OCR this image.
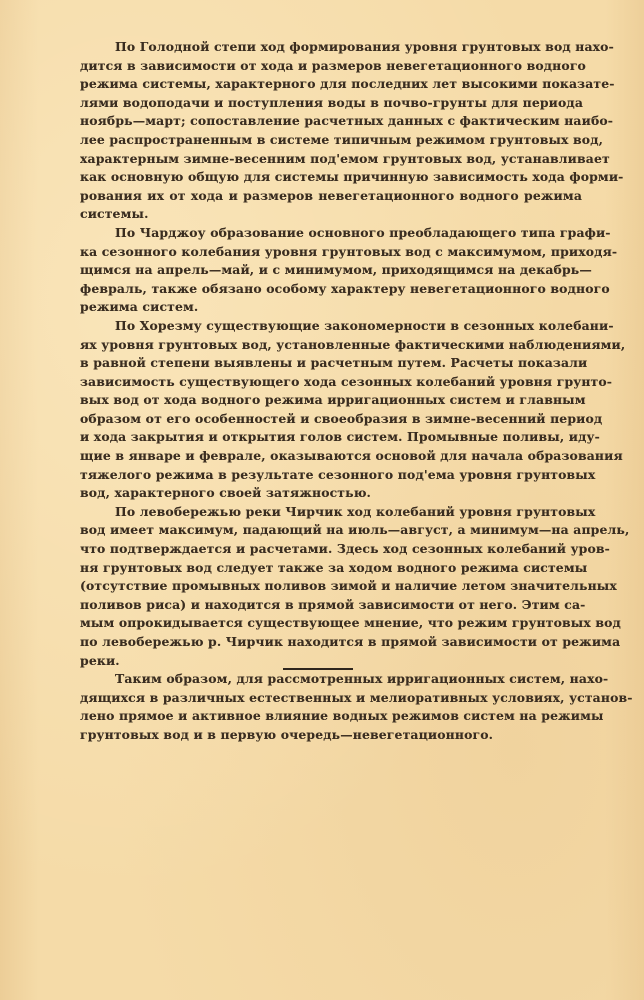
По Голодной степи ход формирования уровня грунтовых вод нахо-
дится в зависимости от хода и размеров невегетационного водного
режима системы, характерного для последних лет высокими показате-
лями водоподачи и поступления воды в почво-грунты для периода
ноябрь—март; сопоставление расчетных данных с фактическим наибо-
лее распространенным в системе типичным режимом грунтовых вод,
характерным зимне-весенним под'емом грунтовых вод, устанавливает
как основную общую для системы причинную зависимость хода форми-
рования их от хода и размеров невегетационного водного режима
системы.
По Чарджоу образование основного преобладающего типа графи-
ка сезонного колебания уровня грунтовых вод с максимумом, приходя-
щимся на апрель—май, и с минимумом, приходящимся на декабрь—
февраль, также обязано особому характеру невегетационного водного
режима систем.
По Хорезму существующие закономерности в сезонных колебани-
ях уровня грунтовых вод, установленные фактическими наблюдениями,
в равной степени выявлены и расчетным путем. Расчеты показали
зависимость существующего хода сезонных колебаний уровня грунто-
вых вод от хода водного режима ирригационных систем и главным
образом от его особенностей и своеобразия в зимне-весенний период
и хода закрытия и открытия голов систем. Промывные поливы, иду-
щие в январе и феврале, оказываются основой для начала образования
тяжелого режима в результате сезонного под'ема уровня грунтовых
вод, характерного своей затяжностью.
По левобережью реки Чирчик ход колебаний уровня грунтовых
вод имеет максимум, падающий на июль—август, а минимум—на апрель,
что подтверждается и расчетами. Здесь ход сезонных колебаний уров-
ня грунтовых вод следует также за ходом водного режима системы
(отсутствие промывных поливов зимой и наличие летом значительных
поливов риса) и находится в прямой зависимости от него. Этим са-
мым опрокидывается существующее мнение, что режим грунтовых вод
по левобережью р. Чирчик находится в прямой зависимости от режима
реки.
Таким образом, для рассмотренных ирригационных систем, нахо-
дящихся в различных естественных и мелиоративных условиях, установ-
лено прямое и активное влияние водных режимов систем на режимы
грунтовых вод и в первую очередь—невегетационного.
